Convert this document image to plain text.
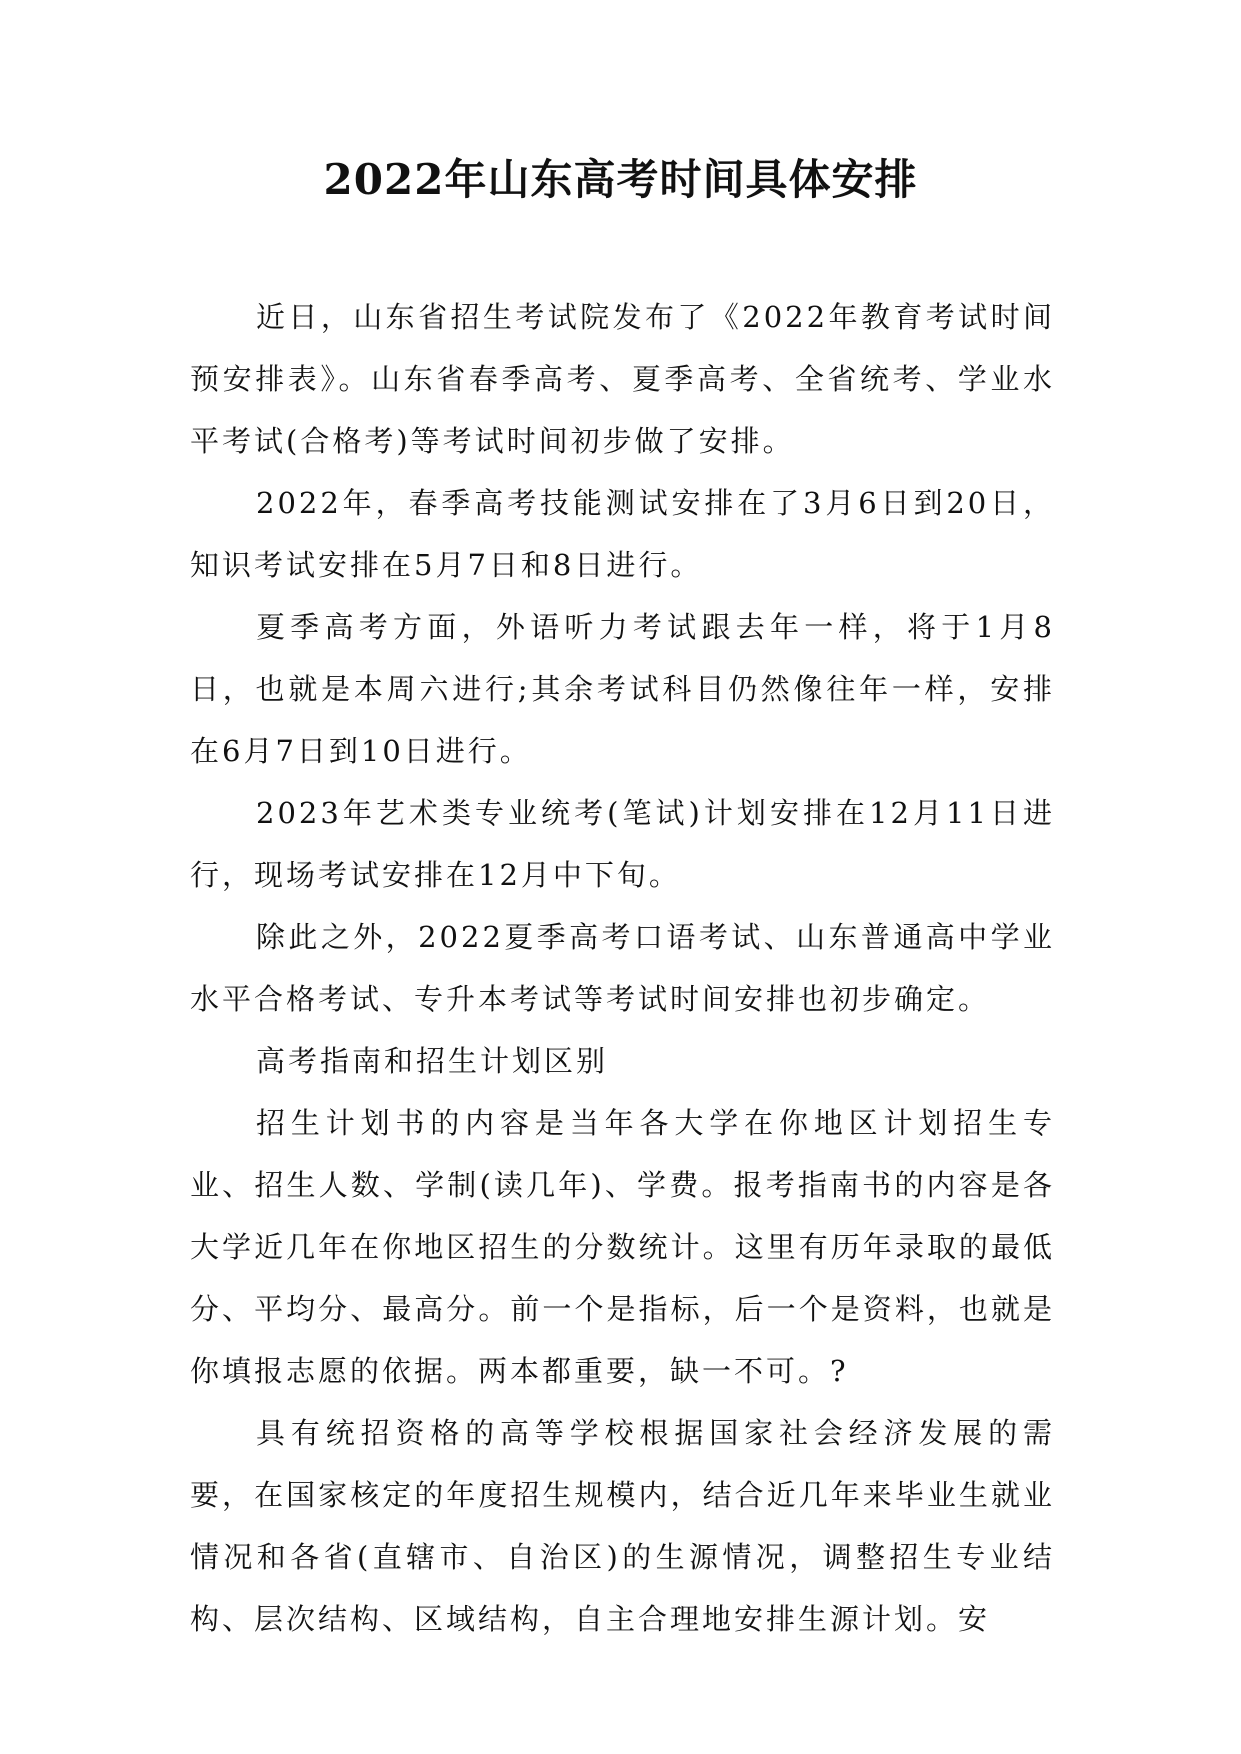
2022年山东高考时间具体安排

近日，山东省招生考试院发布了《2022年教育考试时间预安排表》。山东省春季高考、夏季高考、全省统考、学业水平考试(合格考)等考试时间初步做了安排。

2022年，春季高考技能测试安排在了3月6日到20日，知识考试安排在5月7日和8日进行。

夏季高考方面，外语听力考试跟去年一样，将于1月8日，也就是本周六进行;其余考试科目仍然像往年一样，安排在6月7日到10日进行。

2023年艺术类专业统考(笔试)计划安排在12月11日进行，现场考试安排在12月中下旬。

除此之外，2022夏季高考口语考试、山东普通高中学业水平合格考试、专升本考试等考试时间安排也初步确定。

高考指南和招生计划区别

招生计划书的内容是当年各大学在你地区计划招生专业、招生人数、学制(读几年)、学费。报考指南书的内容是各大学近几年在你地区招生的分数统计。这里有历年录取的最低分、平均分、最高分。前一个是指标，后一个是资料，也就是你填报志愿的依据。两本都重要，缺一不可。?

具有统招资格的高等学校根据国家社会经济发展的需要，在国家核定的年度招生规模内，结合近几年来毕业生就业情况和各省(直辖市、自治区)的生源情况，调整招生专业结构、层次结构、区域结构，自主合理地安排生源计划。安
